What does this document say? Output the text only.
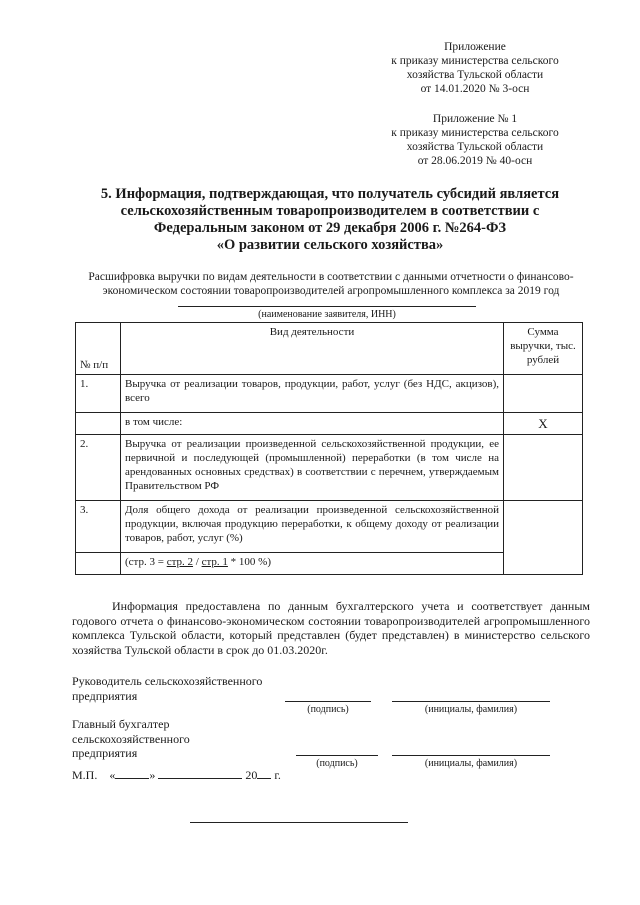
Приложение
к приказу министерства сельского
хозяйства Тульской области
от 14.01.2020 № 3-осн
Приложение № 1
к приказу министерства сельского
хозяйства Тульской области
от 28.06.2019 № 40-осн
5. Информация, подтверждающая, что получатель субсидий является
сельскохозяйственным товаропроизводителем в соответствии с
Федеральным законом от 29 декабря 2006 г. №264-ФЗ
«О развитии сельского хозяйства»
Расшифровка выручки по видам деятельности в соответствии с данными отчетности о финансово-экономическом состоянии товаропроизводителей агропромышленного комплекса за 2019 год
(наименование заявителя, ИНН)
№ п/п	Вид деятельности	Сумма выручки, тыс. рублей
1.	Выручка от реализации товаров, продукции, работ, услуг (без НДС, акцизов), всего	
	в том числе:	Х
2.	Выручка от реализации произведенной сельскохозяйственной продукции, ее первичной и последующей (промышленной) переработки (в том числе на арендованных основных средствах) в соответствии с перечнем, утверждаемым Правительством РФ	
3.	Доля общего дохода от реализации произведенной сельскохозяйственной продукции, включая продукцию переработки, к общему доходу от реализации товаров, работ, услуг (%)	
	(стр. 3 = стр. 2 / стр. 1 * 100 %)	
Информация предоставлена по данным бухгалтерского учета и соответствует данным годового отчета о финансово-экономическом состоянии товаропроизводителей агропромышленного комплекса Тульской области, который представлен (будет представлен) в министерство сельского хозяйства Тульской области в срок до 01.03.2020г.
Руководитель сельскохозяйственного
предприятия
(подпись)	(инициалы, фамилия)
Главный бухгалтер
сельскохозяйственного
предприятия
(подпись)	(инициалы, фамилия)
М.П. «	»	20 г.
